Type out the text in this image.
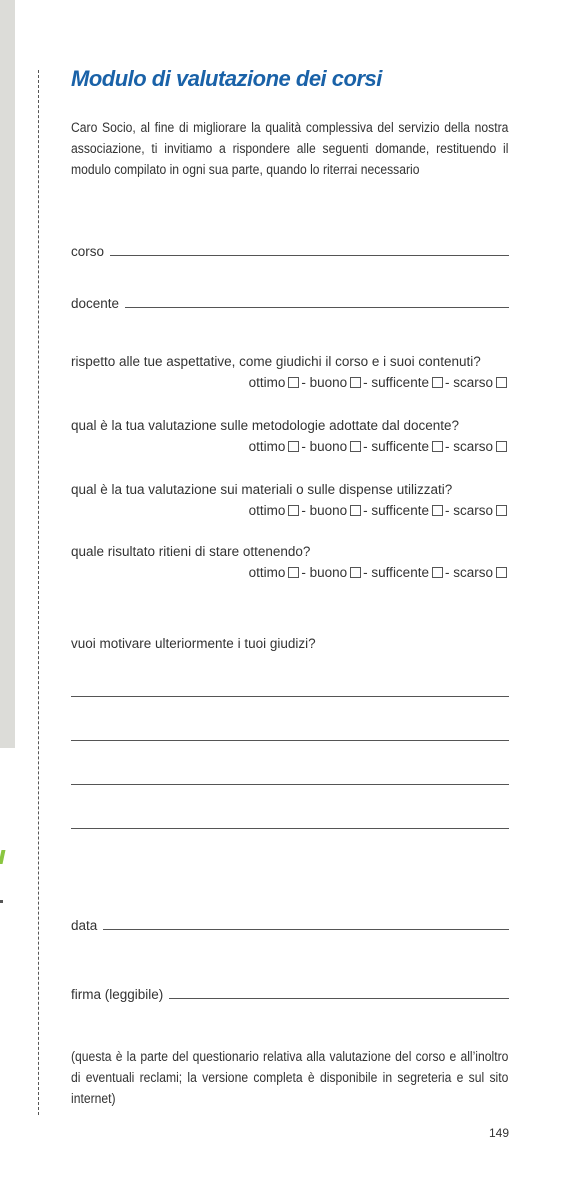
Modulo di valutazione dei corsi

Caro Socio, al fine di migliorare la qualità complessiva del servizio della nostra associazione, ti invitiamo a rispondere alle seguenti domande, restituendo il modulo compilato in ogni sua parte, quando lo riterrai necessario

corso
docente
rispetto alle tue aspettative, come giudichi il corso e i suoi contenuti?
ottimo - buono - sufficente - scarso
qual è la tua valutazione sulle metodologie adottate dal docente?
ottimo - buono - sufficente - scarso
qual è la tua valutazione sui materiali o sulle dispense utilizzati?
ottimo - buono - sufficente - scarso
quale risultato ritieni di stare ottenendo?
ottimo - buono - sufficente - scarso
vuoi motivare ulteriormente i tuoi giudizi?
data
firma (leggibile)

(questa è la parte del questionario relativa alla valutazione del corso e all’inoltro di eventuali reclami; la versione completa è disponibile in segreteria e sul sito internet)

149
